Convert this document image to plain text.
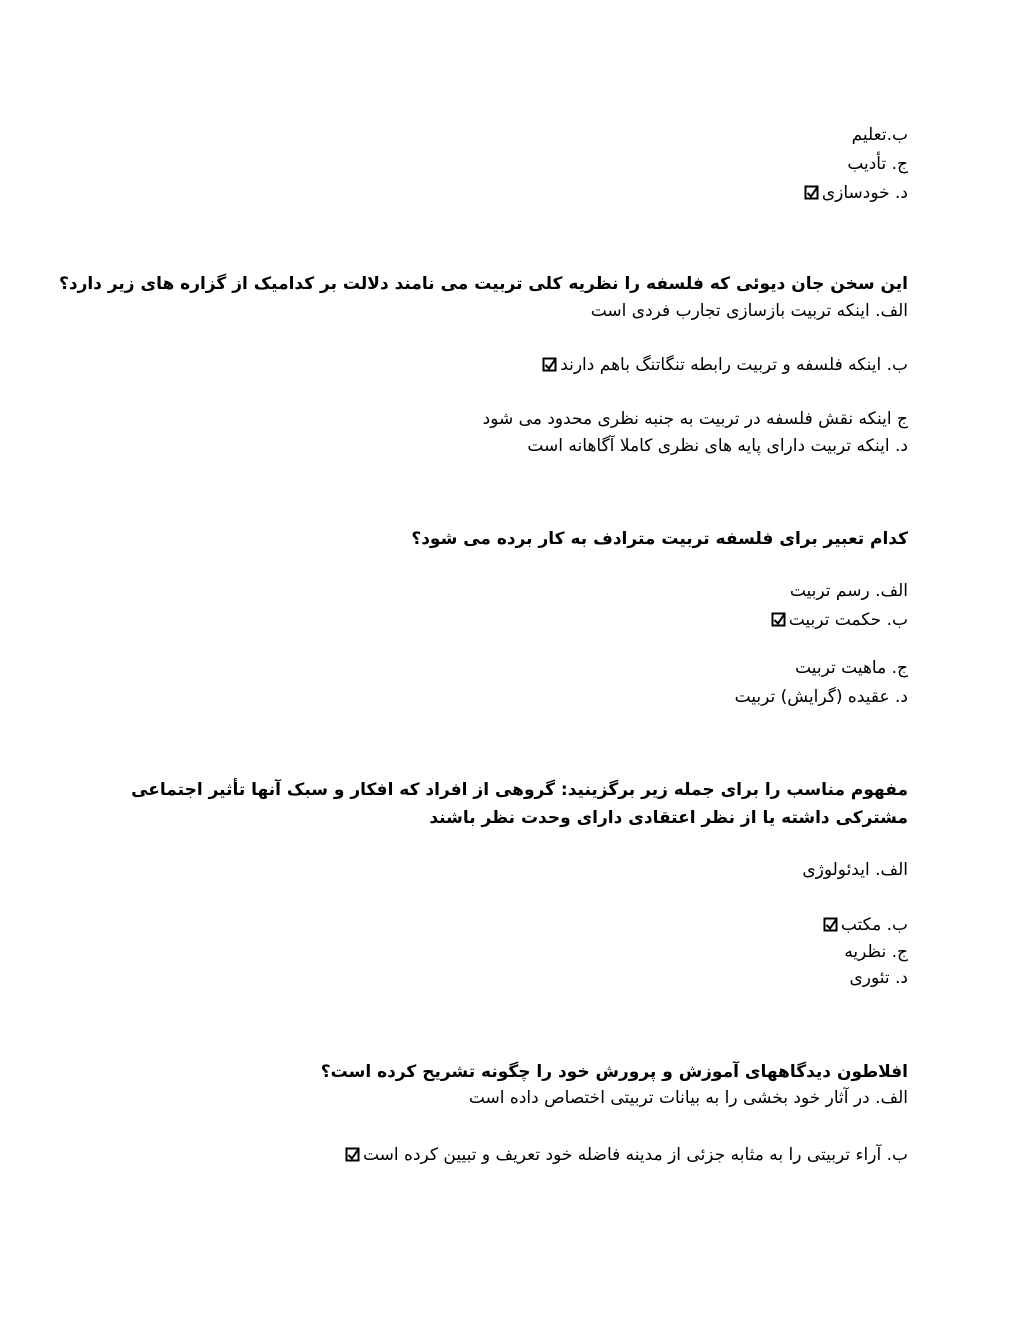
ب.تعلیم
ج. تأدیب
د. خودسازی
این سخن جان دیوئی که فلسفه را نظریه کلی تربیت می نامند دلالت بر کدامیک از گزاره های زیر دارد؟
الف. اینکه تربیت بازسازی تجارب فردی است
ب. اینکه فلسفه و تربیت رابطه تنگاتنگ باهم دارند
ج اینکه نقش فلسفه در تربیت به جنبه نظری محدود می شود
د. اینکه تربیت دارای پایه های نظری کاملا آگاهانه است
کدام تعبیر برای فلسفه تربیت مترادف به کار برده می شود؟
الف. رسم تربیت
ب. حکمت تربیت
ج. ماهیت تربیت
د. عقیده (گرایش) تربیت
مفهوم مناسب را برای جمله زیر برگزینید: گروهی از افراد که افکار و سبک آنها تأثیر اجتماعی
مشترکی داشته یا از نظر اعتقادی دارای وحدت نظر باشند
الف. ایدئولوژی
ب. مکتب
ج. نظریه
د. تئوری
افلاطون دیدگاههای آموزش و پرورش خود را چگونه تشریح کرده است؟
الف. در آثار خود بخشی را به بیانات تربیتی اختصاص داده است
ب. آراء تربیتی را به مثابه جزئی از مدینه فاضله خود تعریف و تبیین کرده است
